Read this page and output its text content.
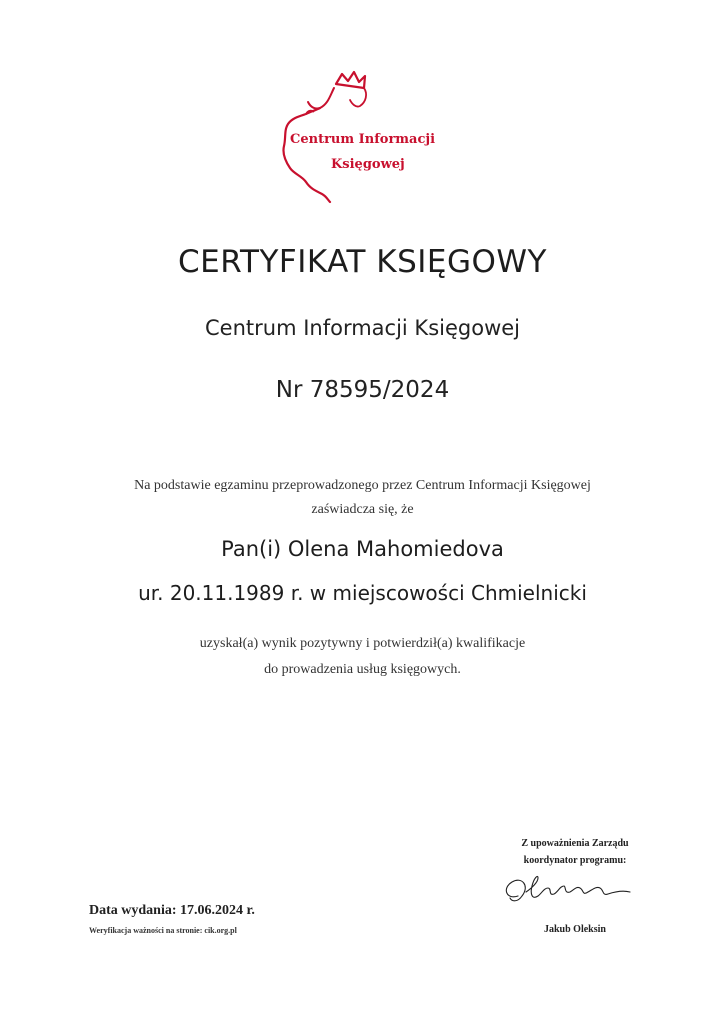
Centrum Informacji
Księgowej
CERTYFIKAT KSIĘGOWY
Centrum Informacji Księgowej
Nr 78595/2024
Na podstawie egzaminu przeprowadzonego przez Centrum Informacji Księgowej
zaświadcza się, że
Pan(i) Olena Mahomiedova
ur. 20.11.1989 r. w miejscowości Chmielnicki
uzyskał(a) wynik pozytywny i potwierdził(a) kwalifikacje
do prowadzenia usług księgowych.
Z upoważnienia Zarządu
koordynator programu:
Jakub Oleksin
Data wydania: 17.06.2024 r.
Weryfikacja ważności na stronie: cik.org.pl
